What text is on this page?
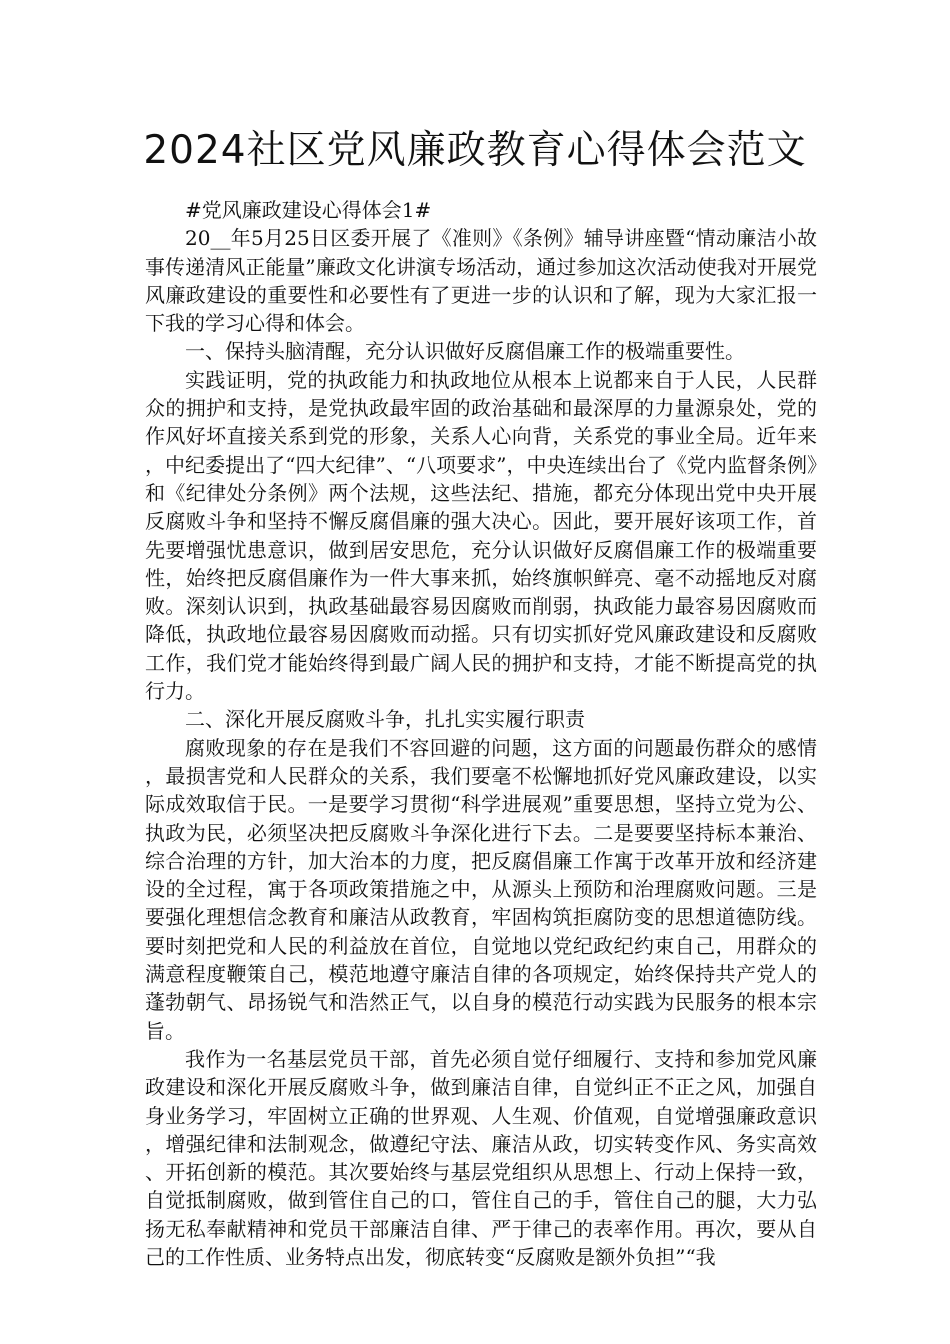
2024社区党风廉政教育心得体会范文

#党风廉政建设心得体会1#

20__年5月25日区委开展了《准则》《条例》辅导讲座暨“情动廉洁小故事传递清风正能量”廉政文化讲演专场活动，通过参加这次活动使我对开展党风廉政建设的重要性和必要性有了更进一步的认识和了解，现为大家汇报一下我的学习心得和体会。

一、保持头脑清醒，充分认识做好反腐倡廉工作的极端重要性。

实践证明，党的执政能力和执政地位从根本上说都来自于人民，人民群众的拥护和支持，是党执政最牢固的政治基础和最深厚的力量源泉处，党的作风好坏直接关系到党的形象，关系人心向背，关系党的事业全局。近年来，中纪委提出了“四大纪律”、“八项要求”，中央连续出台了《党内监督条例》和《纪律处分条例》两个法规，这些法纪、措施，都充分体现出党中央开展反腐败斗争和坚持不懈反腐倡廉的强大决心。因此，要开展好该项工作，首先要增强忧患意识，做到居安思危，充分认识做好反腐倡廉工作的极端重要性，始终把反腐倡廉作为一件大事来抓，始终旗帜鲜亮、毫不动摇地反对腐败。深刻认识到，执政基础最容易因腐败而削弱，执政能力最容易因腐败而降低，执政地位最容易因腐败而动摇。只有切实抓好党风廉政建设和反腐败工作，我们党才能始终得到最广阔人民的拥护和支持，才能不断提高党的执行力。

二、深化开展反腐败斗争，扎扎实实履行职责

腐败现象的存在是我们不容回避的问题，这方面的问题最伤群众的感情，最损害党和人民群众的关系，我们要毫不松懈地抓好党风廉政建设，以实际成效取信于民。一是要学习贯彻“科学进展观”重要思想，坚持立党为公、执政为民，必须坚决把反腐败斗争深化进行下去。二是要要坚持标本兼治、综合治理的方针，加大治本的力度，把反腐倡廉工作寓于改革开放和经济建设的全过程，寓于各项政策措施之中，从源头上预防和治理腐败问题。三是要强化理想信念教育和廉洁从政教育，牢固构筑拒腐防变的思想道德防线。要时刻把党和人民的利益放在首位，自觉地以党纪政纪约束自己，用群众的满意程度鞭策自己，模范地遵守廉洁自律的各项规定，始终保持共产党人的蓬勃朝气、昂扬锐气和浩然正气，以自身的模范行动实践为民服务的根本宗旨。

我作为一名基层党员干部，首先必须自觉仔细履行、支持和参加党风廉政建设和深化开展反腐败斗争，做到廉洁自律，自觉纠正不正之风，加强自身业务学习，牢固树立正确的世界观、人生观、价值观，自觉增强廉政意识，增强纪律和法制观念，做遵纪守法、廉洁从政，切实转变作风、务实高效、开拓创新的模范。其次要始终与基层党组织从思想上、行动上保持一致，自觉抵制腐败，做到管住自己的口，管住自己的手，管住自己的腿，大力弘扬无私奉献精神和党员干部廉洁自律、严于律己的表率作用。再次，要从自己的工作性质、业务特点出发，彻底转变“反腐败是额外负担”“我
